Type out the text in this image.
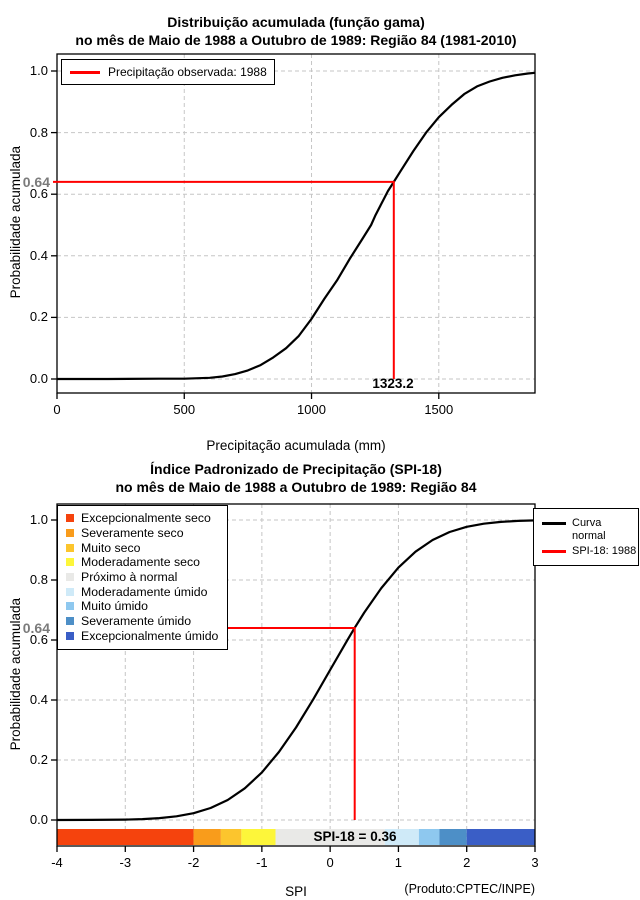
Distribuição acumulada (função gama)
no mês de Maio de 1988 a Outubro de 1989: Região 84 (1981-2010)
Probabilidade acumulada
Precipitação acumulada (mm)
0.64
1323.2
Precipitação observada: 1988
Índice Padronizado de Precipitação (SPI-18)
no mês de Maio de 1988 a Outubro de 1989: Região 84
Probabilidade acumulada
SPI
0.64
SPI-18 = 0.36
Excepcionalmente seco
Severamente seco
Muito seco
Moderadamente seco
Próximo à normal
Moderadamente úmido
Muito úmido
Severamente úmido
Excepcionalmente úmido
Curva
normal
SPI-18: 1988
(Produto:CPTEC/INPE)
0	500	1000	1500
0.0
0.2
0.4
0.6
0.8
1.0
-4	-3	-2	-1	0	1	2	3
0.0
0.2
0.4
0.6
0.8
1.0
